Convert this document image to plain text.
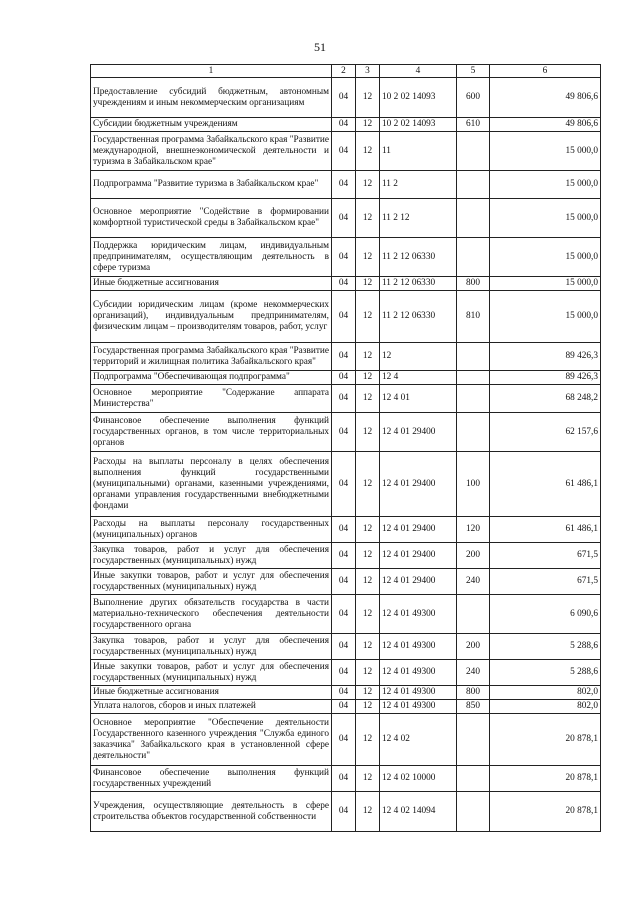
51
1	2	3	4	5	6
Предоставление субсидий бюджетным, автономным учреждениям и иным некоммерческим организациям	04	12	10 2 02 14093	600	49 806,6
Субсидии бюджетным учреждениям	04	12	10 2 02 14093	610	49 806,6
Государственная программа Забайкальского края "Развитие международной, внешнеэкономической деятельности и туризма в Забайкальском крае"	04	12	11		15 000,0
Подпрограмма "Развитие туризма в Забайкальском крае"	04	12	11 2		15 000,0
Основное мероприятие "Содействие в формировании комфортной туристической среды в Забайкальском крае"	04	12	11 2 12		15 000,0
Поддержка юридическим лицам, индивидуальным предпринимателям, осуществляющим деятельность в сфере туризма	04	12	11 2 12 06330		15 000,0
Иные бюджетные ассигнования	04	12	11 2 12 06330	800	15 000,0
Субсидии юридическим лицам (кроме некоммерческих организаций), индивидуальным предпринимателям, физическим лицам – производителям товаров, работ, услуг	04	12	11 2 12 06330	810	15 000,0
Государственная программа Забайкальского края "Развитие территорий и жилищная политика Забайкальского края"	04	12	12		89 426,3
Подпрограмма "Обеспечивающая подпрограмма"	04	12	12 4		89 426,3
Основное мероприятие "Содержание аппарата Министерства"	04	12	12 4 01		68 248,2
Финансовое обеспечение выполнения функций государственных органов, в том числе территориальных органов	04	12	12 4 01 29400		62 157,6
Расходы на выплаты персоналу в целях обеспечения выполнения функций государственными (муниципальными) органами, казенными учреждениями, органами управления государственными внебюджетными фондами	04	12	12 4 01 29400	100	61 486,1
Расходы на выплаты персоналу государственных (муниципальных) органов	04	12	12 4 01 29400	120	61 486,1
Закупка товаров, работ и услуг для обеспечения государственных (муниципальных) нужд	04	12	12 4 01 29400	200	671,5
Иные закупки товаров, работ и услуг для обеспечения государственных (муниципальных) нужд	04	12	12 4 01 29400	240	671,5
Выполнение других обязательств государства в части материально-технического обеспечения деятельности государственного органа	04	12	12 4 01 49300		6 090,6
Закупка товаров, работ и услуг для обеспечения государственных (муниципальных) нужд	04	12	12 4 01 49300	200	5 288,6
Иные закупки товаров, работ и услуг для обеспечения государственных (муниципальных) нужд	04	12	12 4 01 49300	240	5 288,6
Иные бюджетные ассигнования	04	12	12 4 01 49300	800	802,0
Уплата налогов, сборов и иных платежей	04	12	12 4 01 49300	850	802,0
Основное мероприятие "Обеспечение деятельности Государственного казенного учреждения "Служба единого заказчика" Забайкальского края в установленной сфере деятельности"	04	12	12 4 02		20 878,1
Финансовое обеспечение выполнения функций государственных учреждений	04	12	12 4 02 10000		20 878,1
Учреждения, осуществляющие деятельность в сфере строительства объектов государственной собственности	04	12	12 4 02 14094		20 878,1
